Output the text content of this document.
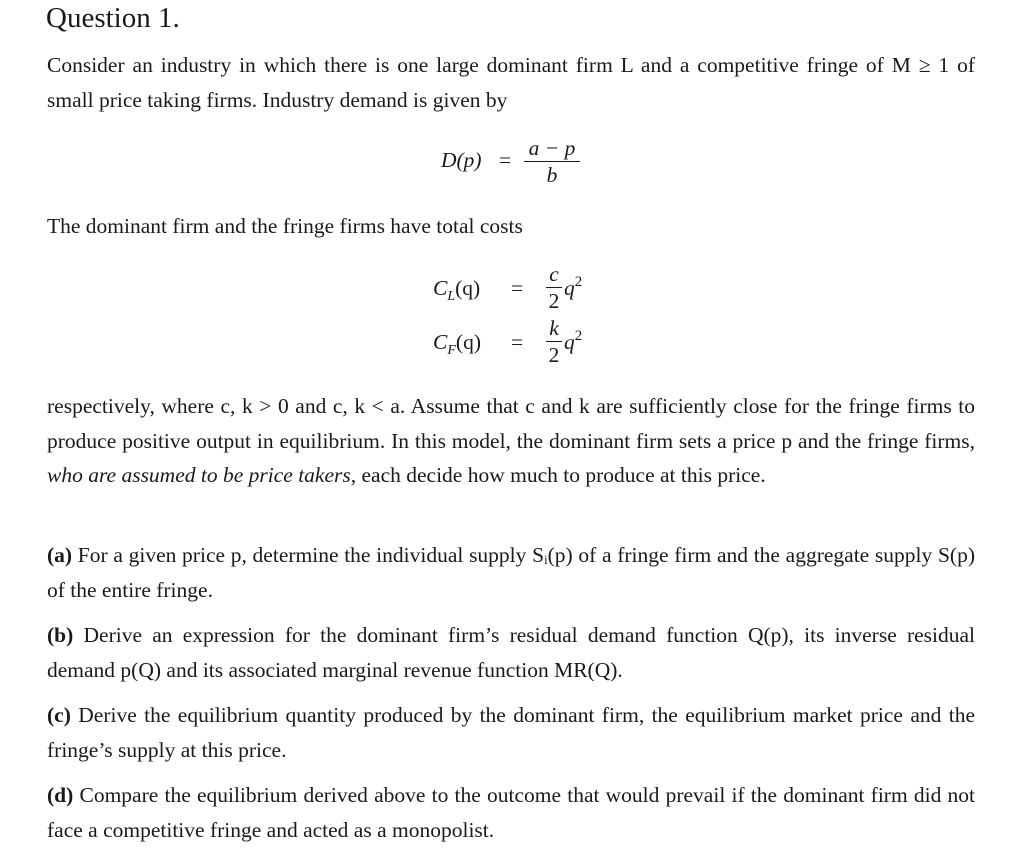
Question 1.

Consider an industry in which there is one large dominant firm L and a competitive fringe of M ≥ 1 of small price taking firms. Industry demand is given by

D(p) = a − p
b

The dominant firm and the fringe firms have total costs

$C_L(q)$ =
c
2
$q^2$
$C_F(q)$ =
k
2
$q^2$

respectively, where c, k > 0 and c, k < a. Assume that c and k are sufficiently close for the fringe firms to produce positive output in equilibrium. In this model, the dominant firm sets a price p and the fringe firms, who are assumed to be price takers, each decide how much to produce at this price.

(a) For a given price p, determine the individual supply Sᵢ(p) of a fringe firm and the aggregate supply S(p) of the entire fringe.

(b) Derive an expression for the dominant firm’s residual demand function Q(p), its inverse residual demand p(Q) and its associated marginal revenue function MR(Q).

(c) Derive the equilibrium quantity produced by the dominant firm, the equilibrium market price and the fringe’s supply at this price.

(d) Compare the equilibrium derived above to the outcome that would prevail if the dominant firm did not face a competitive fringe and acted as a monopolist.
